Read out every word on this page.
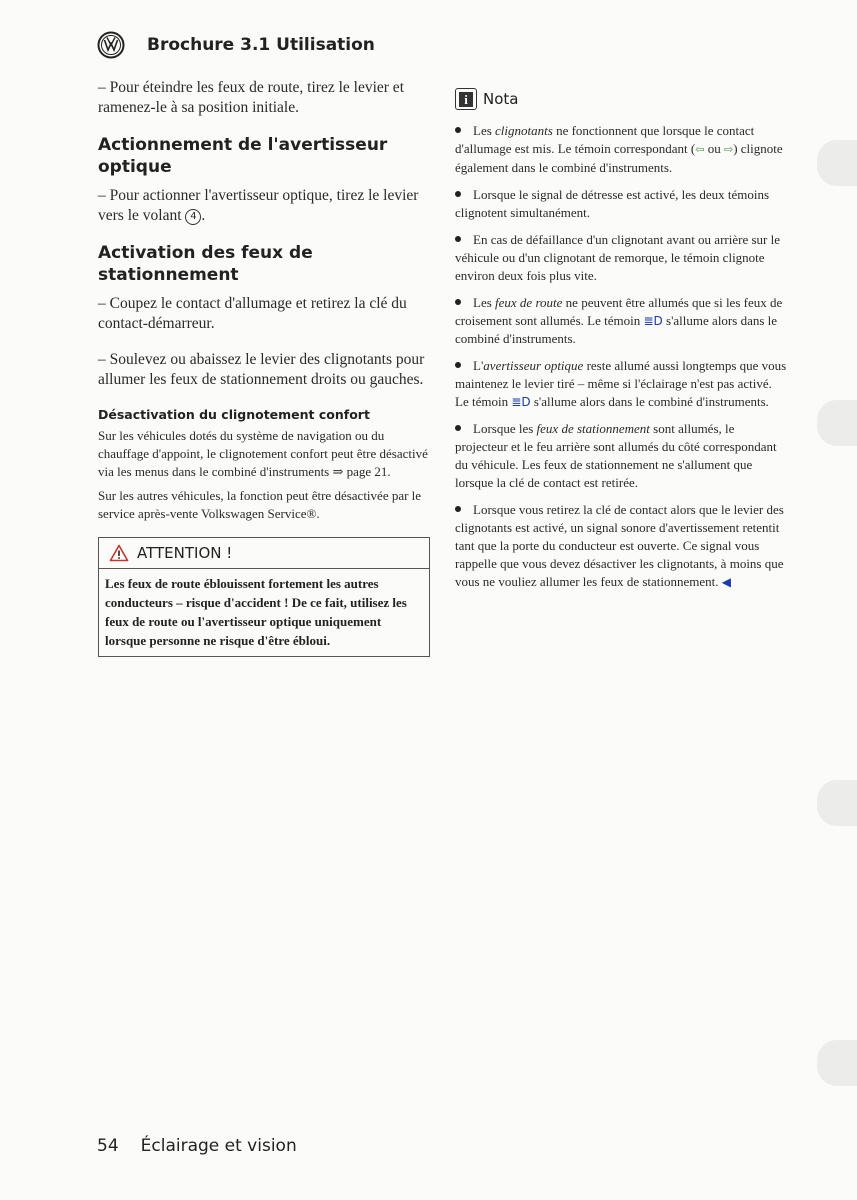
Brochure 3.1 Utilisation

– Pour éteindre les feux de route, tirez le levier et ramenez-le à sa position initiale.

Actionnement de l'avertisseur optique

– Pour actionner l'avertisseur optique, tirez le levier vers le volant 4 .

Activation des feux de stationnement

– Coupez le contact d'allumage et retirez la clé du contact-démarreur.

– Soulevez ou abaissez le levier des clignotants pour allumer les feux de stationnement droits ou gauches.

Désactivation du clignotement confort

Sur les véhicules dotés du système de navigation ou du chauffage d'appoint, le clignotement confort peut être désactivé via les menus dans le combiné d'instruments ⇒ page 21.

Sur les autres véhicules, la fonction peut être désactivée par le service après-vente Volkswagen Service®.

ATTENTION !
Les feux de route éblouissent fortement les autres conducteurs – risque d'accident ! De ce fait, utilisez les feux de route ou l'avertisseur optique uniquement lorsque personne ne risque d'être ébloui.
i	Nota

Les clignotants ne fonctionnent que lorsque le contact d'allumage est mis. Le témoin correspondant (⇦ ou ⇨) clignote également dans le combiné d'instruments.

Lorsque le signal de détresse est activé, les deux témoins clignotent simultanément.

En cas de défaillance d'un clignotant avant ou arrière sur le véhicule ou d'un clignotant de remorque, le témoin clignote environ deux fois plus vite.

Les feux de route ne peuvent être allumés que si les feux de croisement sont allumés. Le témoin ≣D s'allume alors dans le combiné d'instruments.

L'avertisseur optique reste allumé aussi longtemps que vous maintenez le levier tiré – même si l'éclairage n'est pas activé. Le témoin ≣D s'allume alors dans le combiné d'instruments.

Lorsque les feux de stationnement sont allumés, le projecteur et le feu arrière sont allumés du côté correspondant du véhicule. Les feux de stationnement ne s'allument que lorsque la clé de contact est retirée.

Lorsque vous retirez la clé de contact alors que le levier des clignotants est activé, un signal sonore d'avertissement retentit tant que la porte du conducteur est ouverte. Ce signal vous rappelle que vous devez désactiver les clignotants, à moins que vous ne vouliez allumer les feux de stationnement. ◀

54 Éclairage et vision
